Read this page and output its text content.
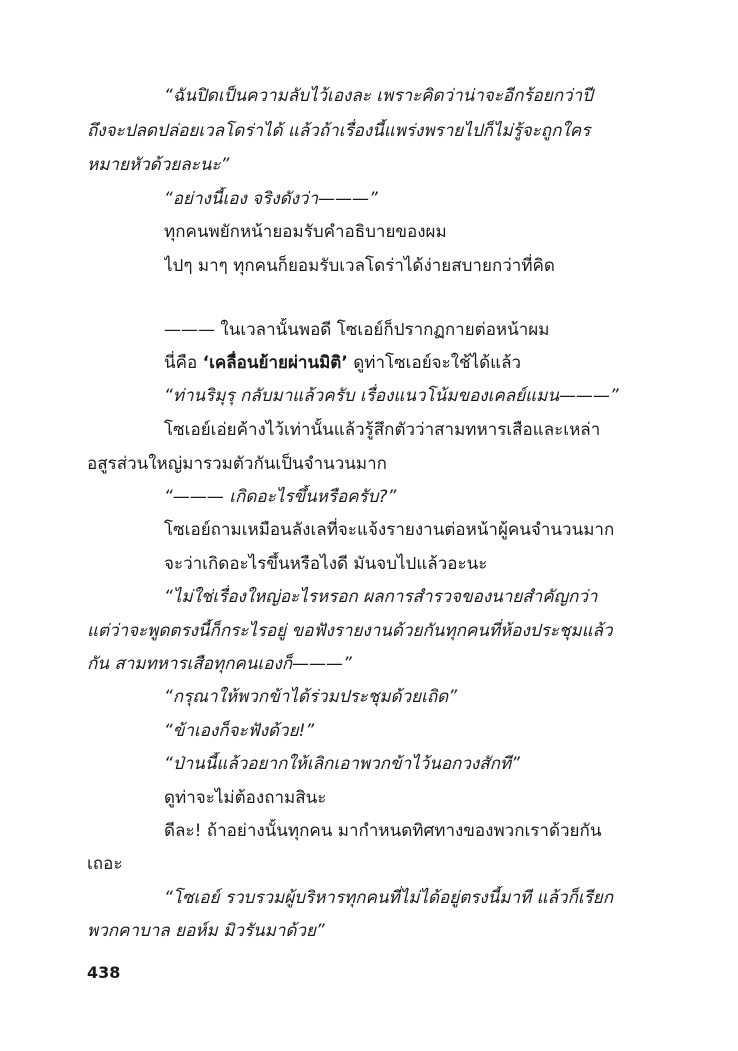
“ฉันปิดเป็นความลับไว้เองละ เพราะคิดว่าน่าจะอีกร้อยกว่าปี
ถึงจะปลดปล่อยเวลโดร่าได้ แล้วถ้าเรื่องนี้แพร่งพรายไปก็ไม่รู้จะถูกใคร
หมายหัวด้วยละนะ”
“อย่างนี้เอง จริงดังว่า———”
ทุกคนพยักหน้ายอมรับคำอธิบายของผม
ไปๆ มาๆ ทุกคนก็ยอมรับเวลโดร่าได้ง่ายสบายกว่าที่คิด
——— ในเวลานั้นพอดี โซเอย์ก็ปรากฏกายต่อหน้าผม
นี่คือ ‘เคลื่อนย้ายผ่านมิติ’ ดูท่าโซเอย์จะใช้ได้แล้ว
“ท่านริมุรุ กลับมาแล้วครับ เรื่องแนวโน้มของเคลย์แมน———”
โซเอย์เอ่ยค้างไว้เท่านั้นแล้วรู้สึกตัวว่าสามทหารเสือและเหล่า
อสูรส่วนใหญ่มารวมตัวกันเป็นจำนวนมาก
“——— เกิดอะไรขึ้นหรือครับ?”
โซเอย์ถามเหมือนลังเลที่จะแจ้งรายงานต่อหน้าผู้คนจำนวนมาก
จะว่าเกิดอะไรขึ้นหรือไงดี มันจบไปแล้วอะนะ
“ไม่ใช่เรื่องใหญ่อะไรหรอก ผลการสำรวจของนายสำคัญกว่า
แต่ว่าจะพูดตรงนี้ก็กระไรอยู่ ขอฟังรายงานด้วยกันทุกคนที่ห้องประชุมแล้ว
กัน สามทหารเสือทุกคนเองก็———”
“กรุณาให้พวกข้าได้ร่วมประชุมด้วยเถิด”
“ข้าเองก็จะฟังด้วย!”
“ป่านนี้แล้วอยากให้เลิกเอาพวกข้าไว้นอกวงสักที”
ดูท่าจะไม่ต้องถามสินะ
ดีละ! ถ้าอย่างนั้นทุกคน มากำหนดทิศทางของพวกเราด้วยกัน
เถอะ
“โซเอย์ รวบรวมผู้บริหารทุกคนที่ไม่ได้อยู่ตรงนี้มาที แล้วก็เรียก
พวกคาบาล ยอห์ม มิวรันมาด้วย”
438
